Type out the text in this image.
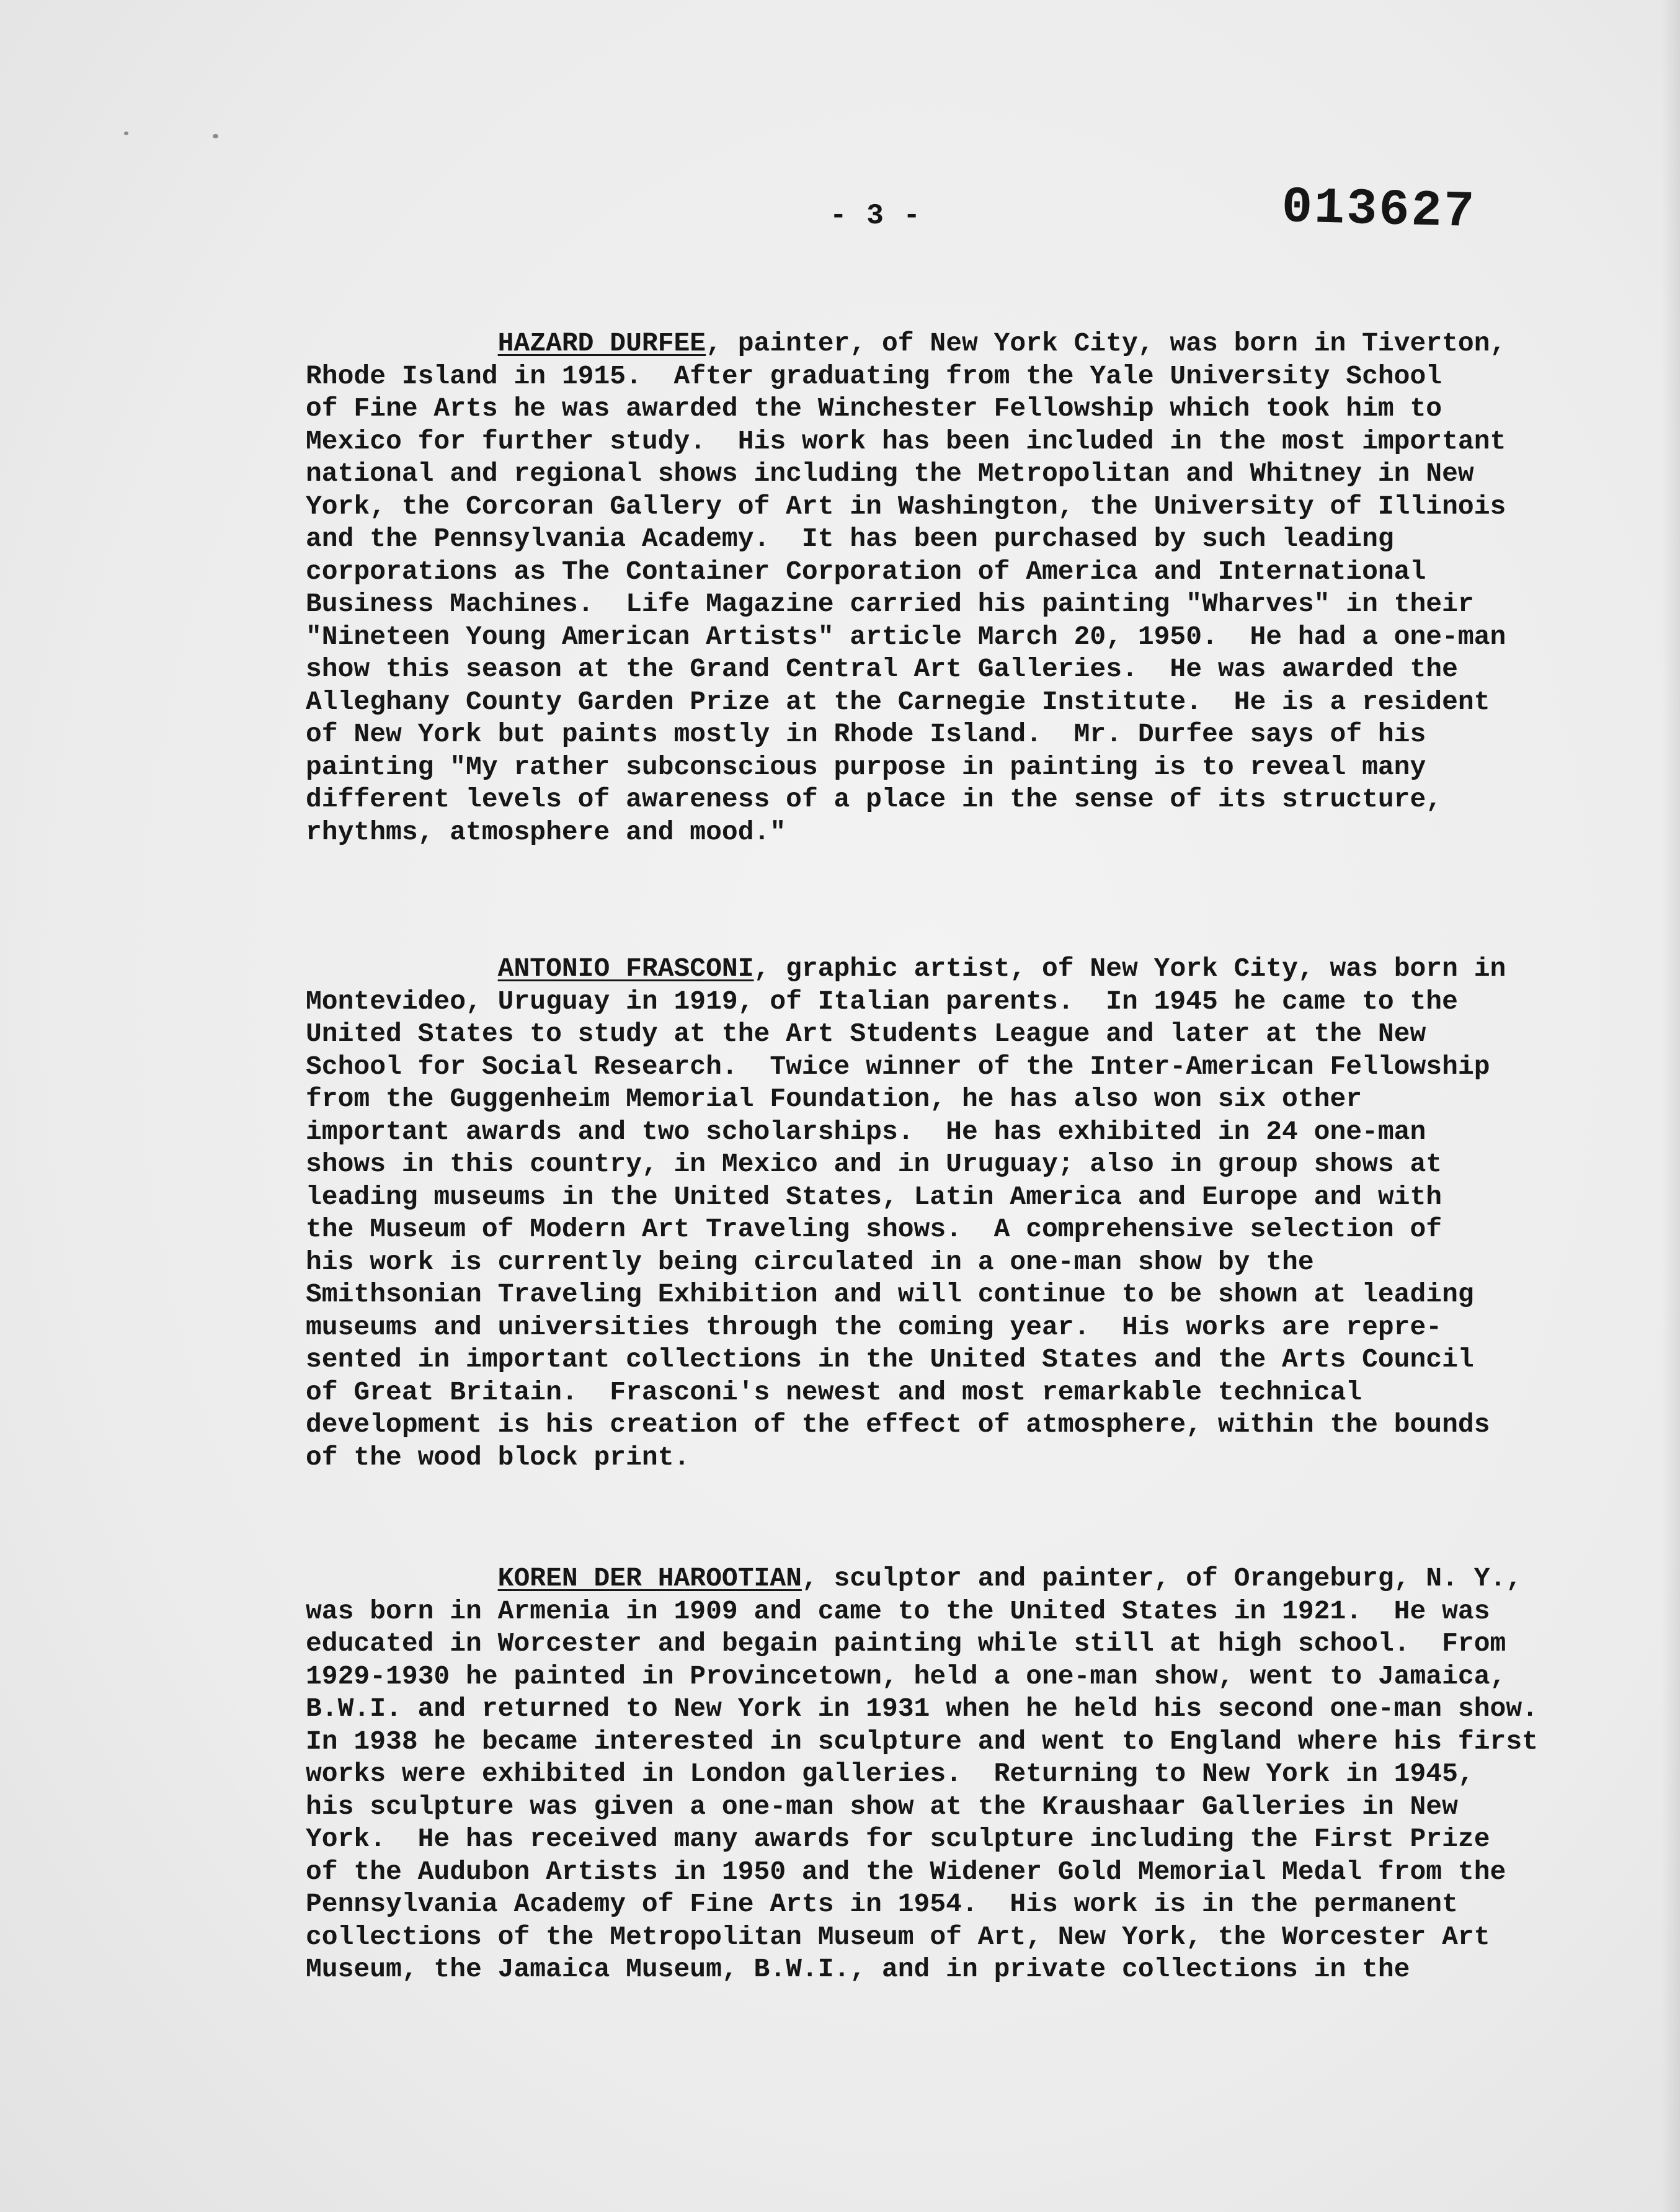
- 3 -	013627

HAZARD DURFEE, painter, of New York City, was born in Tiverton,
Rhode Island in 1915.  After graduating from the Yale University School
of Fine Arts he was awarded the Winchester Fellowship which took him to
Mexico for further study.  His work has been included in the most important
national and regional shows including the Metropolitan and Whitney in New
York, the Corcoran Gallery of Art in Washington, the University of Illinois
and the Pennsylvania Academy.  It has been purchased by such leading
corporations as The Container Corporation of America and International
Business Machines.  Life Magazine carried his painting "Wharves" in their
"Nineteen Young American Artists" article March 20, 1950.  He had a one-man
show this season at the Grand Central Art Galleries.  He was awarded the
Alleghany County Garden Prize at the Carnegie Institute.  He is a resident
of New York but paints mostly in Rhode Island.  Mr. Durfee says of his
painting "My rather subconscious purpose in painting is to reveal many
different levels of awareness of a place in the sense of its structure,
rhythms, atmosphere and mood."

ANTONIO FRASCONI, graphic artist, of New York City, was born in
Montevideo, Uruguay in 1919, of Italian parents.  In 1945 he came to the
United States to study at the Art Students League and later at the New
School for Social Research.  Twice winner of the Inter-American Fellowship
from the Guggenheim Memorial Foundation, he has also won six other
important awards and two scholarships.  He has exhibited in 24 one-man
shows in this country, in Mexico and in Uruguay; also in group shows at
leading museums in the United States, Latin America and Europe and with
the Museum of Modern Art Traveling shows.  A comprehensive selection of
his work is currently being circulated in a one-man show by the
Smithsonian Traveling Exhibition and will continue to be shown at leading
museums and universities through the coming year.  His works are repre-
sented in important collections in the United States and the Arts Council
of Great Britain.  Frasconi's newest and most remarkable technical
development is his creation of the effect of atmosphere, within the bounds
of the wood block print.

KOREN DER HAROOTIAN, sculptor and painter, of Orangeburg, N. Y.,
was born in Armenia in 1909 and came to the United States in 1921.  He was
educated in Worcester and begain painting while still at high school.  From
1929-1930 he painted in Provincetown, held a one-man show, went to Jamaica,
B.W.I. and returned to New York in 1931 when he held his second one-man show.
In 1938 he became interested in sculpture and went to England where his first
works were exhibited in London galleries.  Returning to New York in 1945,
his sculpture was given a one-man show at the Kraushaar Galleries in New
York.  He has received many awards for sculpture including the First Prize
of the Audubon Artists in 1950 and the Widener Gold Memorial Medal from the
Pennsylvania Academy of Fine Arts in 1954.  His work is in the permanent
collections of the Metropolitan Museum of Art, New York, the Worcester Art
Museum, the Jamaica Museum, B.W.I., and in private collections in the
